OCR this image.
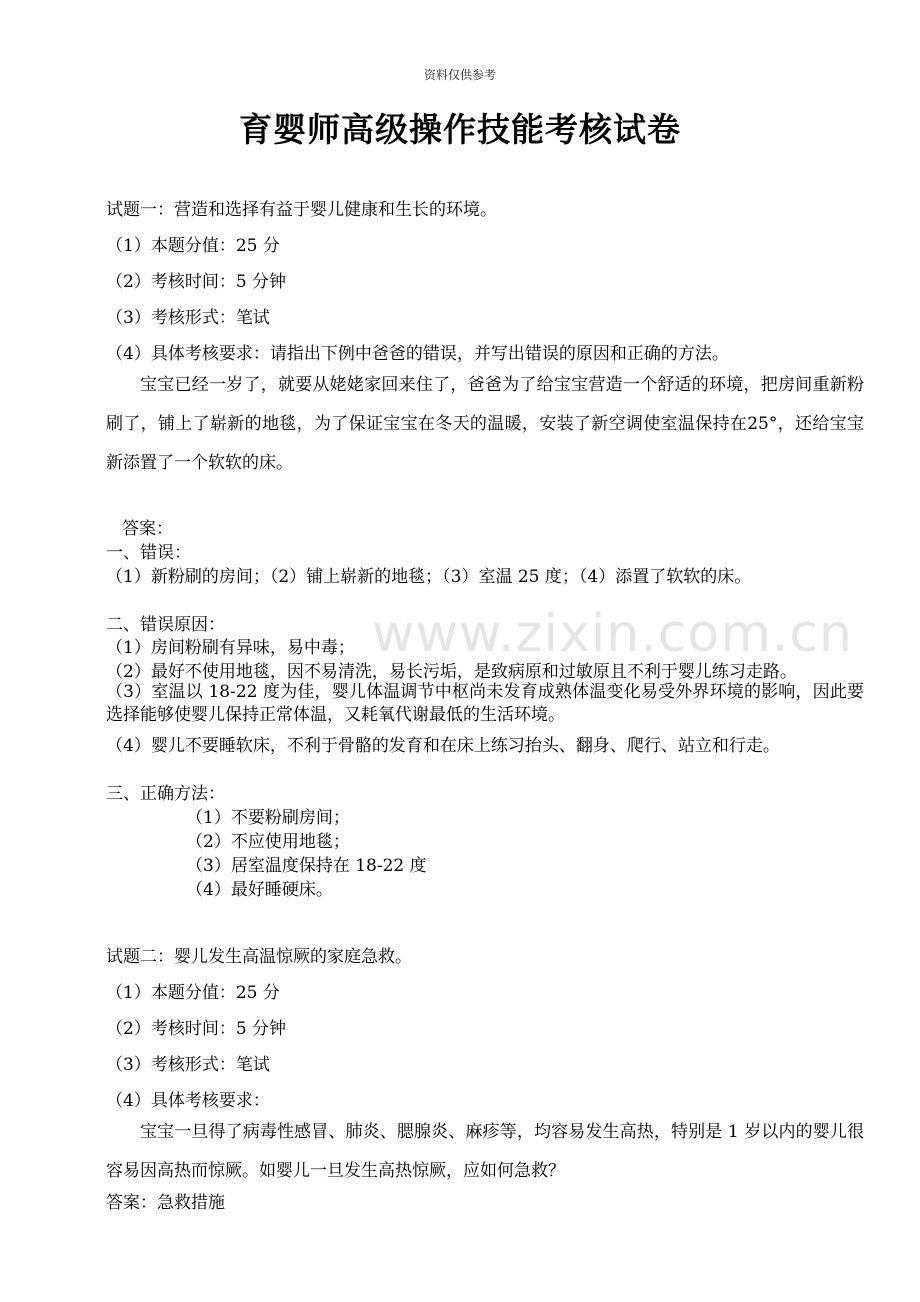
资料仅供参考
育婴师高级操作技能考核试卷
试题一：营造和选择有益于婴儿健康和生长的环境。
（1）本题分值：25 分
（2）考核时间：5 分钟
（3）考核形式：笔试
（4）具体考核要求：请指出下例中爸爸的错误，并写出错误的原因和正确的方法。
宝宝已经一岁了，就要从姥姥家回来住了，爸爸为了给宝宝营造一个舒适的环境，把房间重新粉刷了，铺上了崭新的地毯，为了保证宝宝在冬天的温暖，安装了新空调使室温保持在25°，还给宝宝新添置了一个软软的床。
答案：
一、错误：
（1）新粉刷的房间；（2）铺上崭新的地毯；（3）室温 25 度；（4）添置了软软的床。
二、错误原因：
（1）房间粉刷有异味，易中毒；
（2）最好不使用地毯，因不易清洗，易长污垢，是致病原和过敏原且不利于婴儿练习走路。
（3）室温以 18-22 度为佳，婴儿体温调节中枢尚未发育成熟体温变化易受外界环境的影响，因此要选择能够使婴儿保持正常体温，又耗氧代谢最低的生活环境。
（4）婴儿不要睡软床，不利于骨骼的发育和在床上练习抬头、翻身、爬行、站立和行走。
三、正确方法：
（1）不要粉刷房间；
（2）不应使用地毯；
（3）居室温度保持在 18-22 度
（4）最好睡硬床。
试题二：婴儿发生高温惊厥的家庭急救。
（1）本题分值：25 分
（2）考核时间：5 分钟
（3）考核形式：笔试
（4）具体考核要求：
宝宝一旦得了病毒性感冒、肺炎、腮腺炎、麻疹等，均容易发生高热，特别是 1 岁以内的婴儿很容易因高热而惊厥。如婴儿一旦发生高热惊厥，应如何急救？
答案：急救措施
www.zixin.com.cn
